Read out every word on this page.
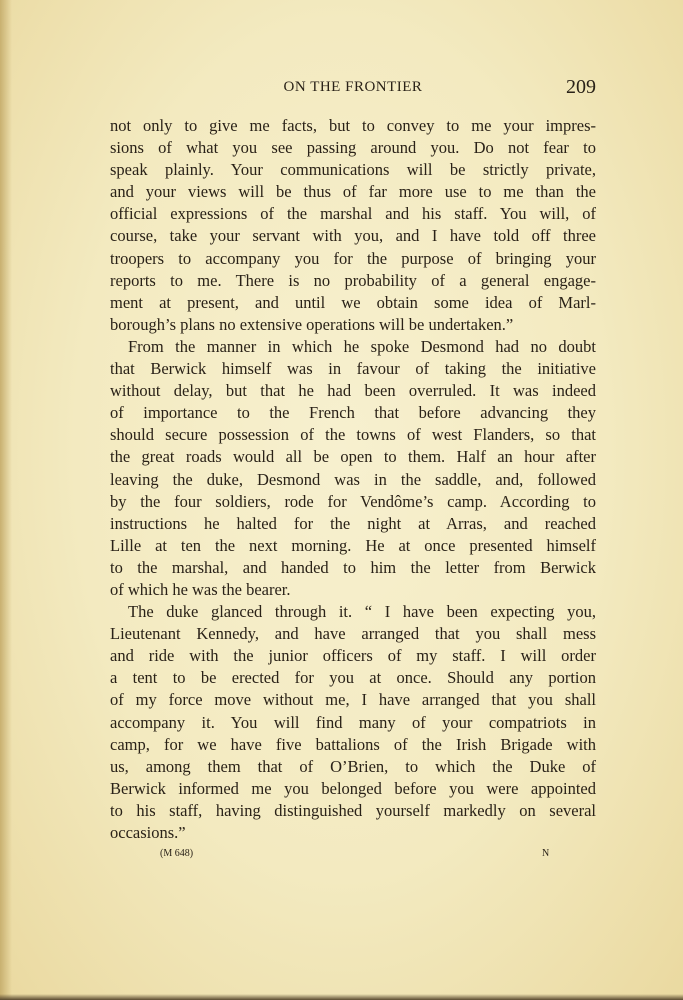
ON THE FRONTIER	209
not only to give me facts, but to convey to me your impres-
sions of what you see passing around you. Do not fear to
speak plainly. Your communications will be strictly private,
and your views will be thus of far more use to me than the
official expressions of the marshal and his staff. You will, of
course, take your servant with you, and I have told off three
troopers to accompany you for the purpose of bringing your
reports to me. There is no probability of a general engage-
ment at present, and until we obtain some idea of Marl-
borough’s plans no extensive operations will be undertaken.”
From the manner in which he spoke Desmond had no doubt
that Berwick himself was in favour of taking the initiative
without delay, but that he had been overruled. It was indeed
of importance to the French that before advancing they
should secure possession of the towns of west Flanders, so that
the great roads would all be open to them. Half an hour after
leaving the duke, Desmond was in the saddle, and, followed
by the four soldiers, rode for Vendôme’s camp. According to
instructions he halted for the night at Arras, and reached
Lille at ten the next morning. He at once presented himself
to the marshal, and handed to him the letter from Berwick
of which he was the bearer.
The duke glanced through it. “ I have been expecting you,
Lieutenant Kennedy, and have arranged that you shall mess
and ride with the junior officers of my staff. I will order
a tent to be erected for you at once. Should any portion
of my force move without me, I have arranged that you shall
accompany it. You will find many of your compatriots in
camp, for we have five battalions of the Irish Brigade with
us, among them that of O’Brien, to which the Duke of
Berwick informed me you belonged before you were appointed
to his staff, having distinguished yourself markedly on several
occasions.”
(M 648)	N
